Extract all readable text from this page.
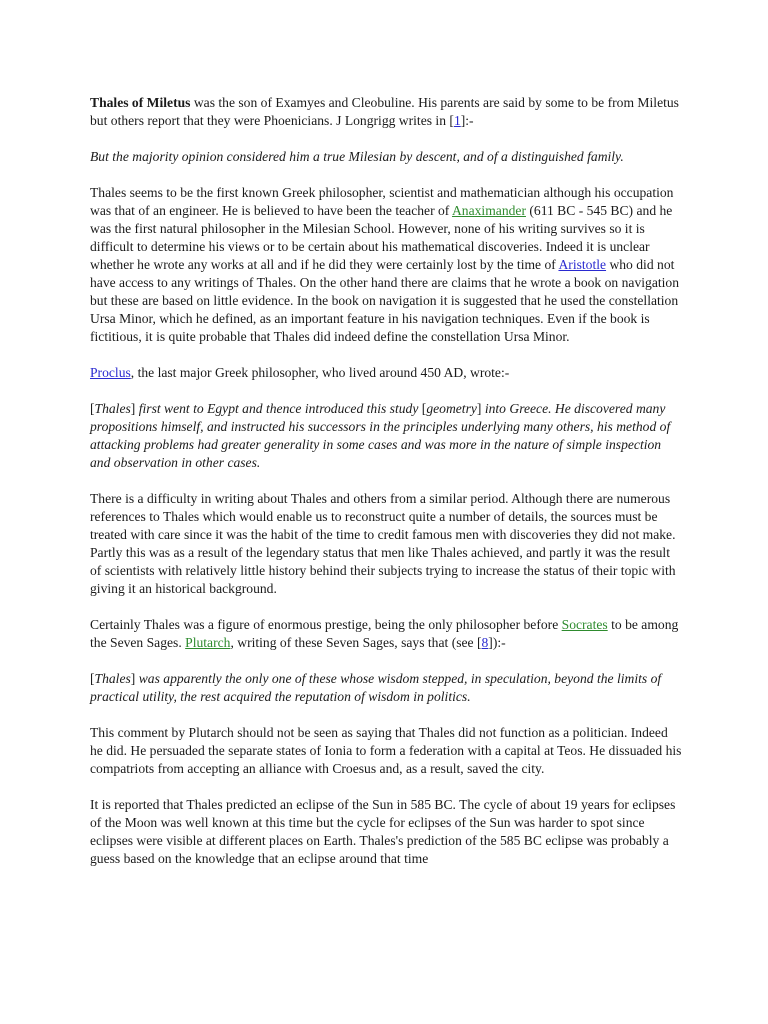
Thales of Miletus was the son of Examyes and Cleobuline. His parents are said by some to be from Miletus but others report that they were Phoenicians. J Longrigg writes in [1]:-

But the majority opinion considered him a true Milesian by descent, and of a distinguished family.

Thales seems to be the first known Greek philosopher, scientist and mathematician although his occupation was that of an engineer. He is believed to have been the teacher of Anaximander (611 BC - 545 BC) and he was the first natural philosopher in the Milesian School. However, none of his writing survives so it is difficult to determine his views or to be certain about his mathematical discoveries. Indeed it is unclear whether he wrote any works at all and if he did they were certainly lost by the time of Aristotle who did not have access to any writings of Thales. On the other hand there are claims that he wrote a book on navigation but these are based on little evidence. In the book on navigation it is suggested that he used the constellation Ursa Minor, which he defined, as an important feature in his navigation techniques. Even if the book is fictitious, it is quite probable that Thales did indeed define the constellation Ursa Minor.

Proclus, the last major Greek philosopher, who lived around 450 AD, wrote:-

[Thales] first went to Egypt and thence introduced this study [geometry] into Greece. He discovered many propositions himself, and instructed his successors in the principles underlying many others, his method of attacking problems had greater generality in some cases and was more in the nature of simple inspection and observation in other cases.

There is a difficulty in writing about Thales and others from a similar period. Although there are numerous references to Thales which would enable us to reconstruct quite a number of details, the sources must be treated with care since it was the habit of the time to credit famous men with discoveries they did not make. Partly this was as a result of the legendary status that men like Thales achieved, and partly it was the result of scientists with relatively little history behind their subjects trying to increase the status of their topic with giving it an historical background.

Certainly Thales was a figure of enormous prestige, being the only philosopher before Socrates to be among the Seven Sages. Plutarch, writing of these Seven Sages, says that (see [8]):-

[Thales] was apparently the only one of these whose wisdom stepped, in speculation, beyond the limits of practical utility, the rest acquired the reputation of wisdom in politics.

This comment by Plutarch should not be seen as saying that Thales did not function as a politician. Indeed he did. He persuaded the separate states of Ionia to form a federation with a capital at Teos. He dissuaded his compatriots from accepting an alliance with Croesus and, as a result, saved the city.

It is reported that Thales predicted an eclipse of the Sun in 585 BC. The cycle of about 19 years for eclipses of the Moon was well known at this time but the cycle for eclipses of the Sun was harder to spot since eclipses were visible at different places on Earth. Thales's prediction of the 585 BC eclipse was probably a guess based on the knowledge that an eclipse around that time
